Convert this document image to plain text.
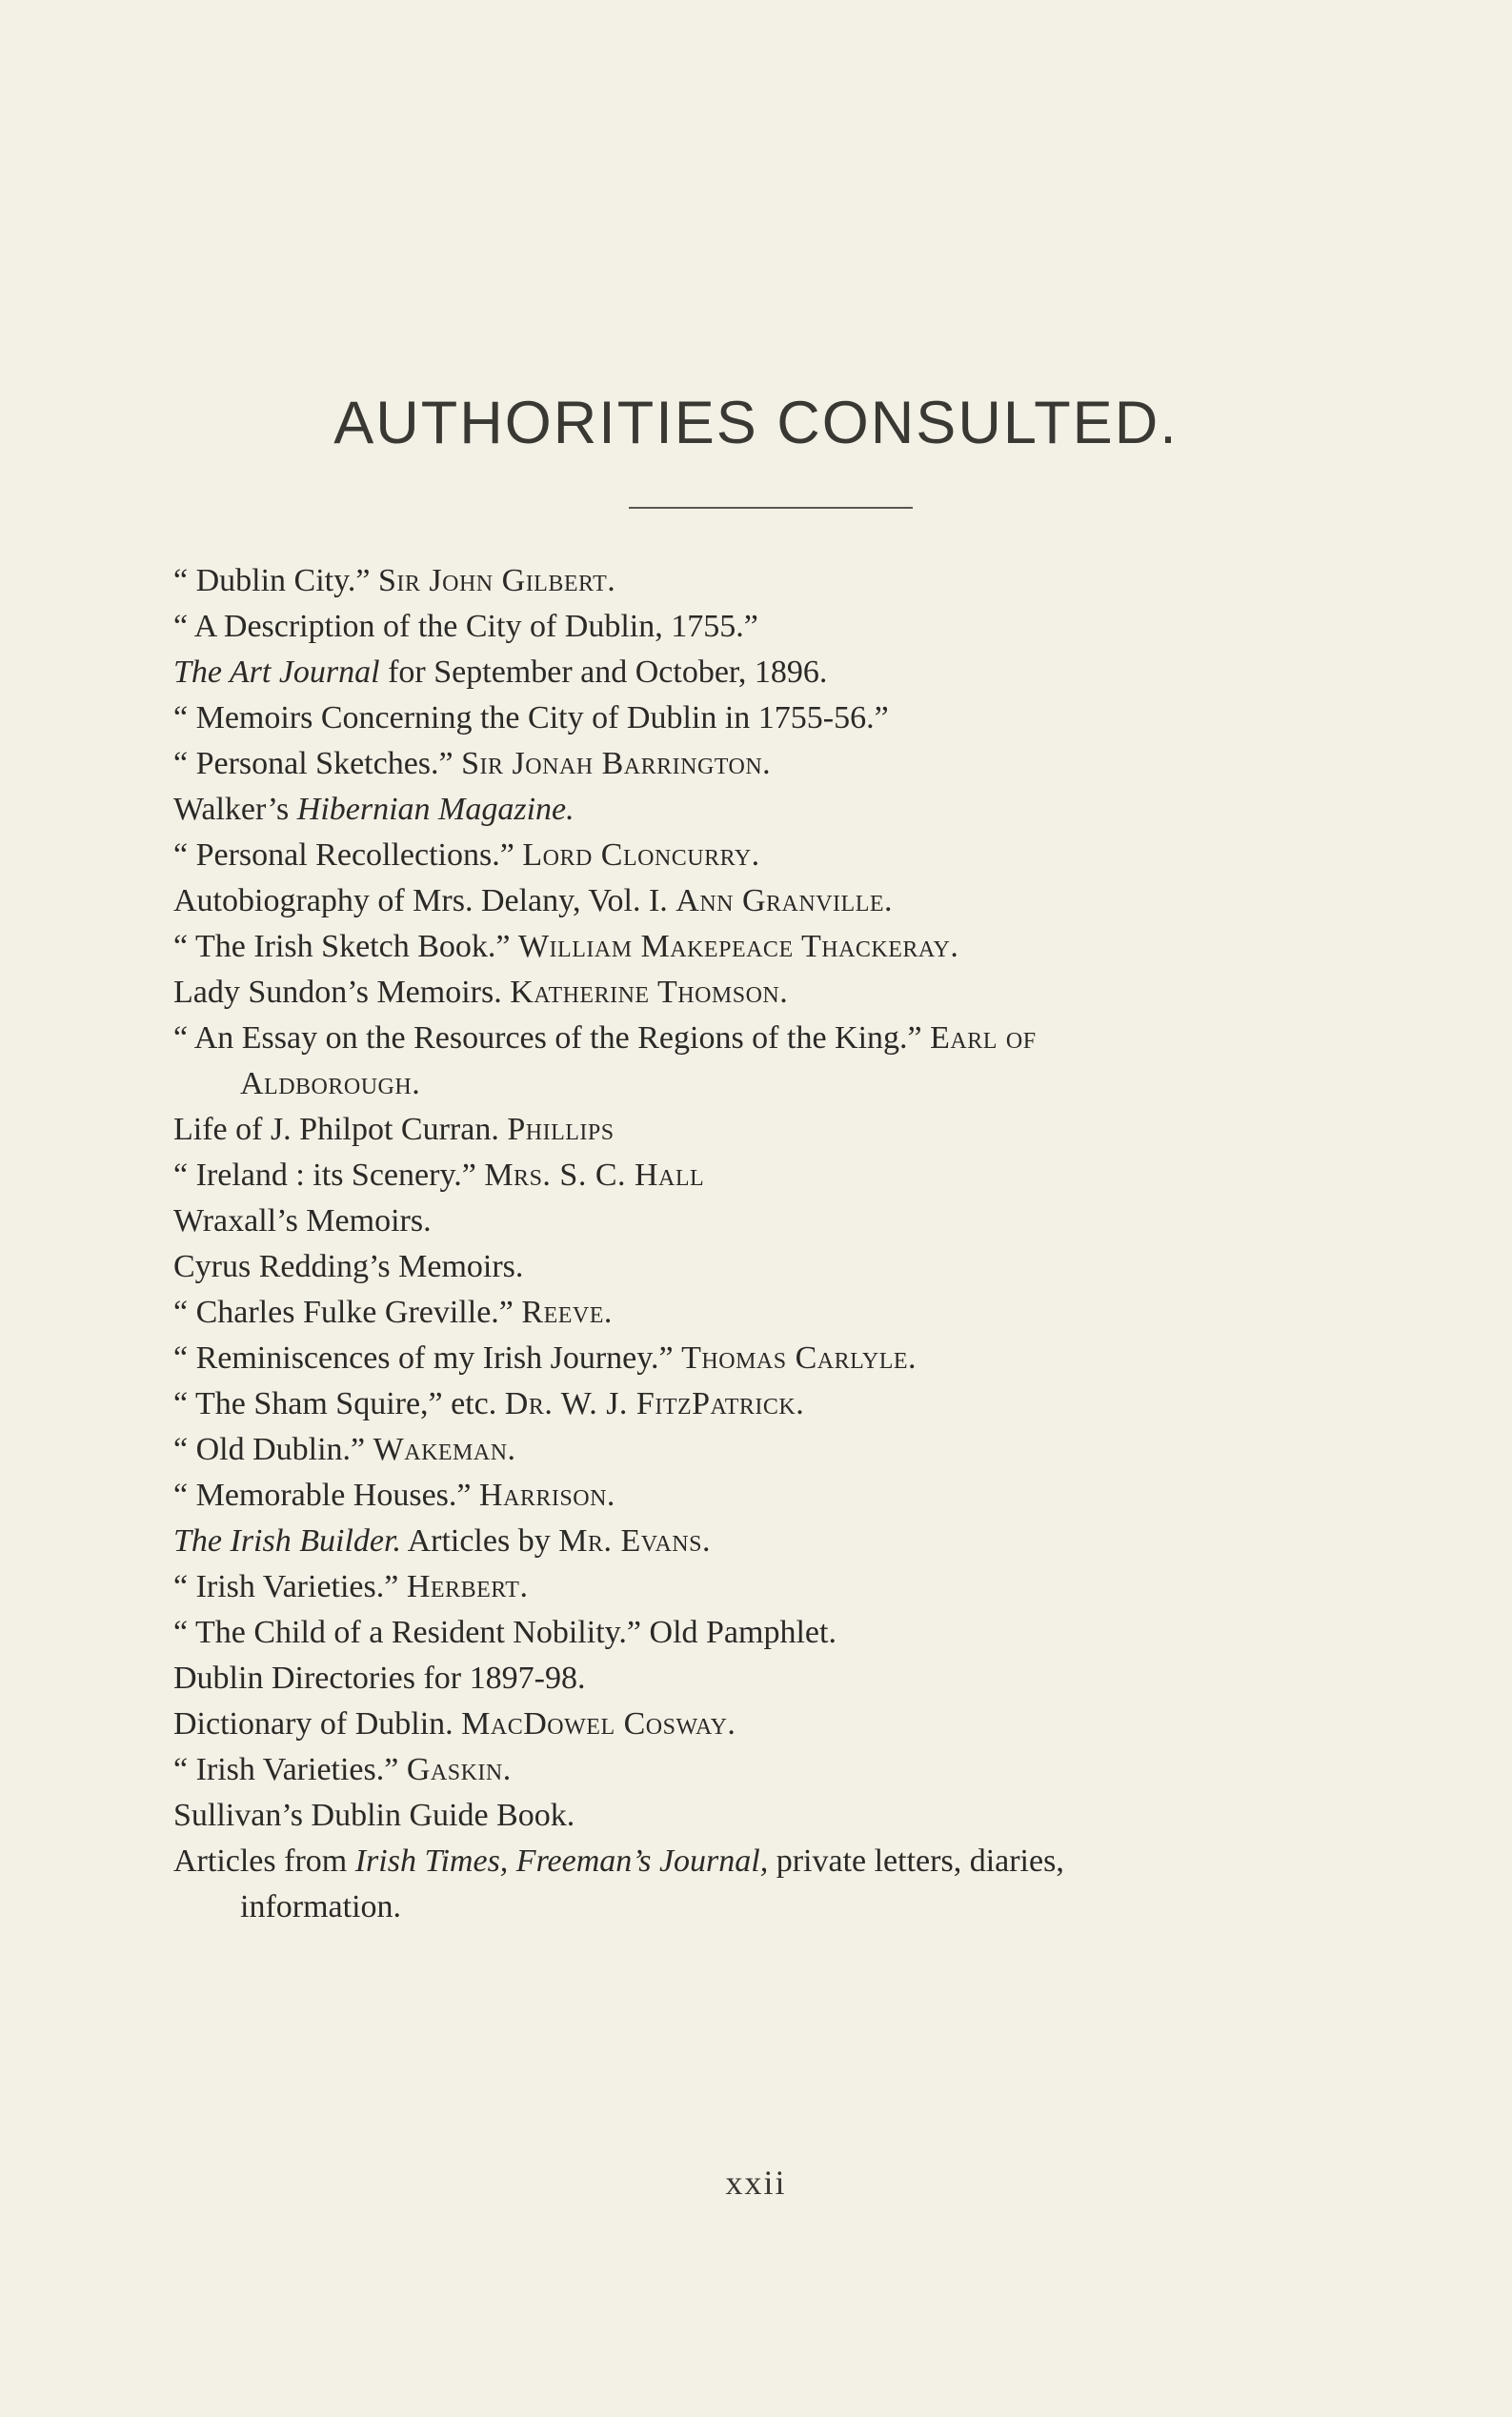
AUTHORITIES CONSULTED.
“ Dublin City.” Sir John Gilbert.
“ A Description of the City of Dublin, 1755.”
The Art Journal for September and October, 1896.
“ Memoirs Concerning the City of Dublin in 1755-56.”
“ Personal Sketches.” Sir Jonah Barrington.
Walker’s Hibernian Magazine.
“ Personal Recollections.” Lord Cloncurry.
Autobiography of Mrs. Delany, Vol. I. Ann Granville.
“ The Irish Sketch Book.” William Makepeace Thackeray.
Lady Sundon’s Memoirs. Katherine Thomson.
“ An Essay on the Resources of the Regions of the King.” Earl of
Aldborough.
Life of J. Philpot Curran. Phillips
“ Ireland : its Scenery.” Mrs. S. C. Hall
Wraxall’s Memoirs.
Cyrus Redding’s Memoirs.
“ Charles Fulke Greville.” Reeve.
“ Reminiscences of my Irish Journey.” Thomas Carlyle.
“ The Sham Squire,” etc. Dr. W. J. FitzPatrick.
“ Old Dublin.” Wakeman.
“ Memorable Houses.” Harrison.
The Irish Builder. Articles by Mr. Evans.
“ Irish Varieties.” Herbert.
“ The Child of a Resident Nobility.” Old Pamphlet.
Dublin Directories for 1897-98.
Dictionary of Dublin. MacDowel Cosway.
“ Irish Varieties.” Gaskin.
Sullivan’s Dublin Guide Book.
Articles from Irish Times, Freeman’s Journal, private letters, diaries,
information.
xxii
